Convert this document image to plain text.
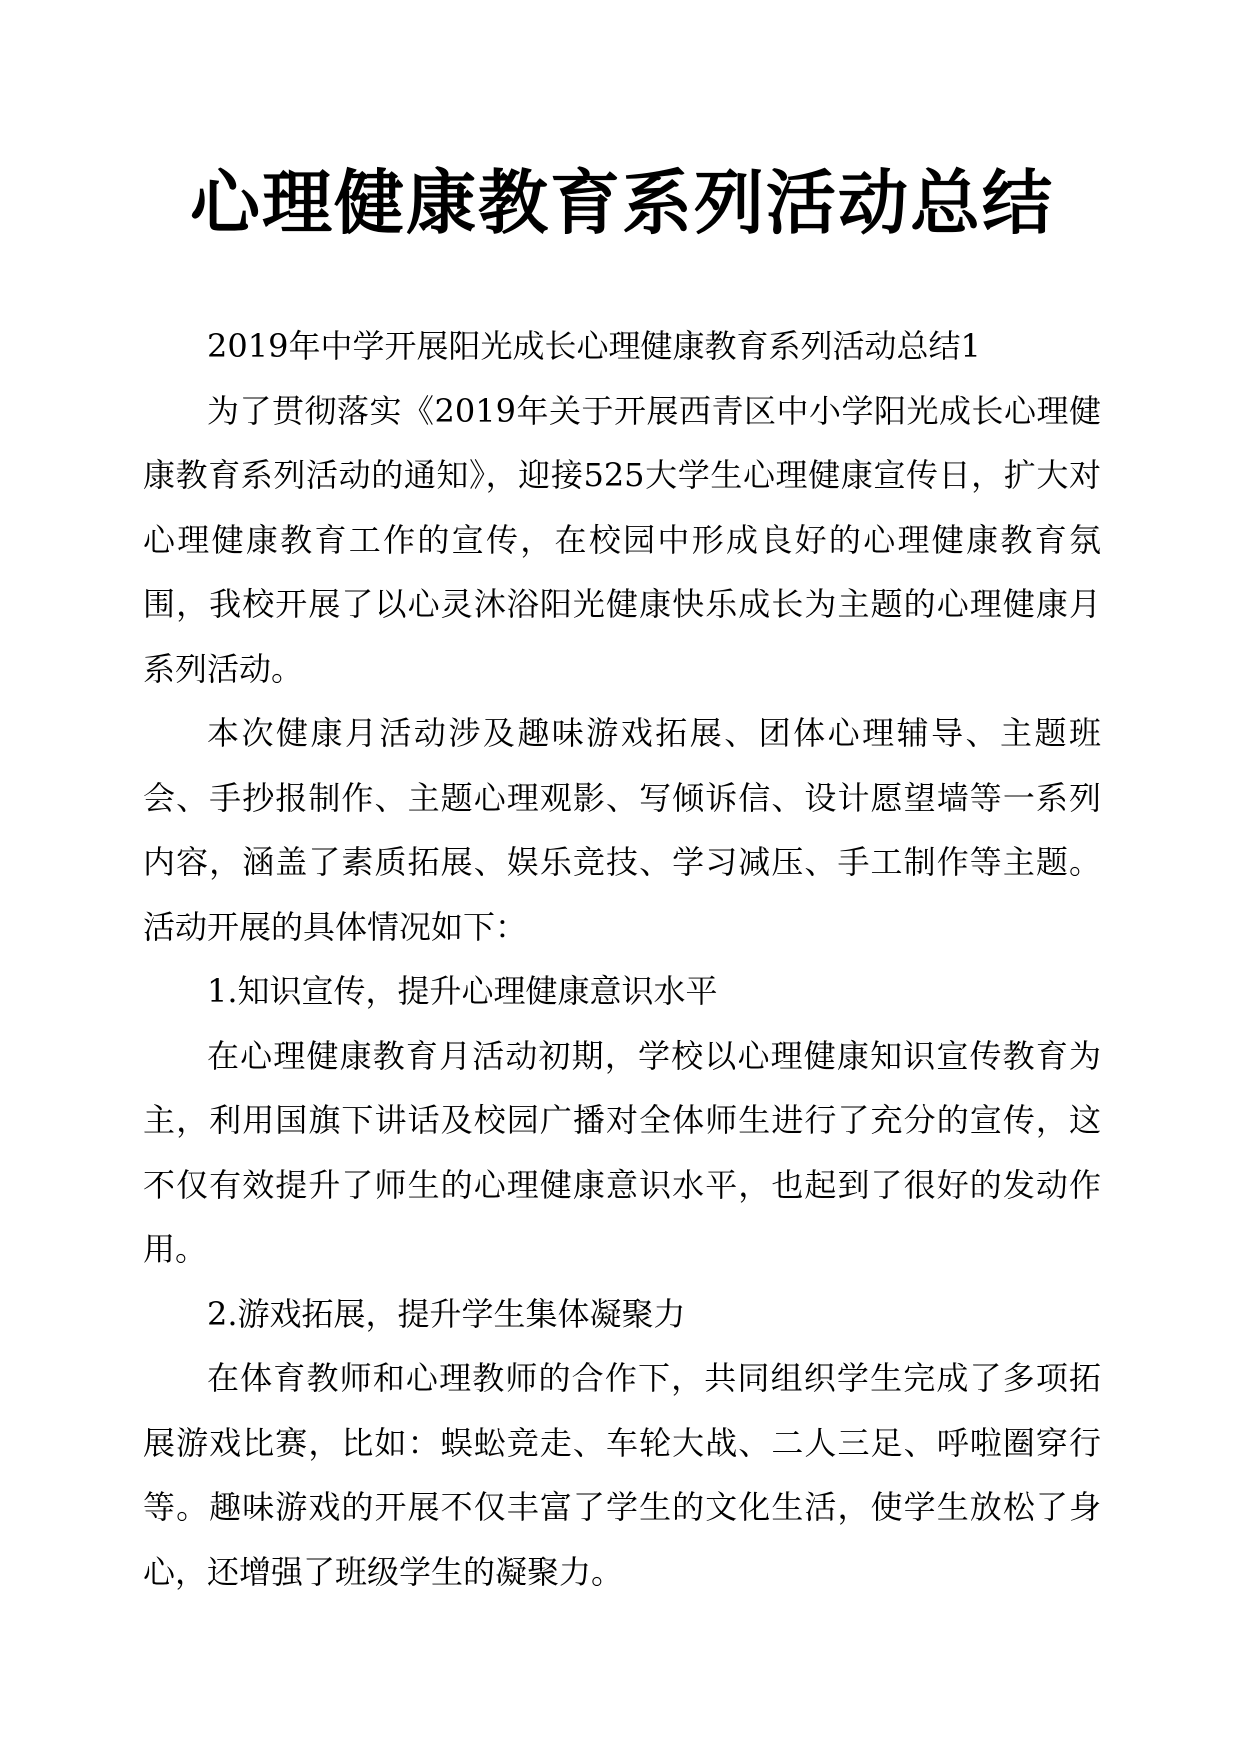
心理健康教育系列活动总结

2019年中学开展阳光成长心理健康教育系列活动总结1

为了贯彻落实《2019年关于开展西青区中小学阳光成长心理健康教育系列活动的通知》，迎接525大学生心理健康宣传日，扩大对心理健康教育工作的宣传，在校园中形成良好的心理健康教育氛围，我校开展了以心灵沐浴阳光健康快乐成长为主题的心理健康月系列活动。

本次健康月活动涉及趣味游戏拓展、团体心理辅导、主题班会、手抄报制作、主题心理观影、写倾诉信、设计愿望墙等一系列内容，涵盖了素质拓展、娱乐竞技、学习减压、手工制作等主题。活动开展的具体情况如下：

1.知识宣传，提升心理健康意识水平

在心理健康教育月活动初期，学校以心理健康知识宣传教育为主，利用国旗下讲话及校园广播对全体师生进行了充分的宣传，这不仅有效提升了师生的心理健康意识水平，也起到了很好的发动作用。

2.游戏拓展，提升学生集体凝聚力

在体育教师和心理教师的合作下，共同组织学生完成了多项拓展游戏比赛，比如：蜈蚣竞走、车轮大战、二人三足、呼啦圈穿行等。趣味游戏的开展不仅丰富了学生的文化生活，使学生放松了身心，还增强了班级学生的凝聚力。
